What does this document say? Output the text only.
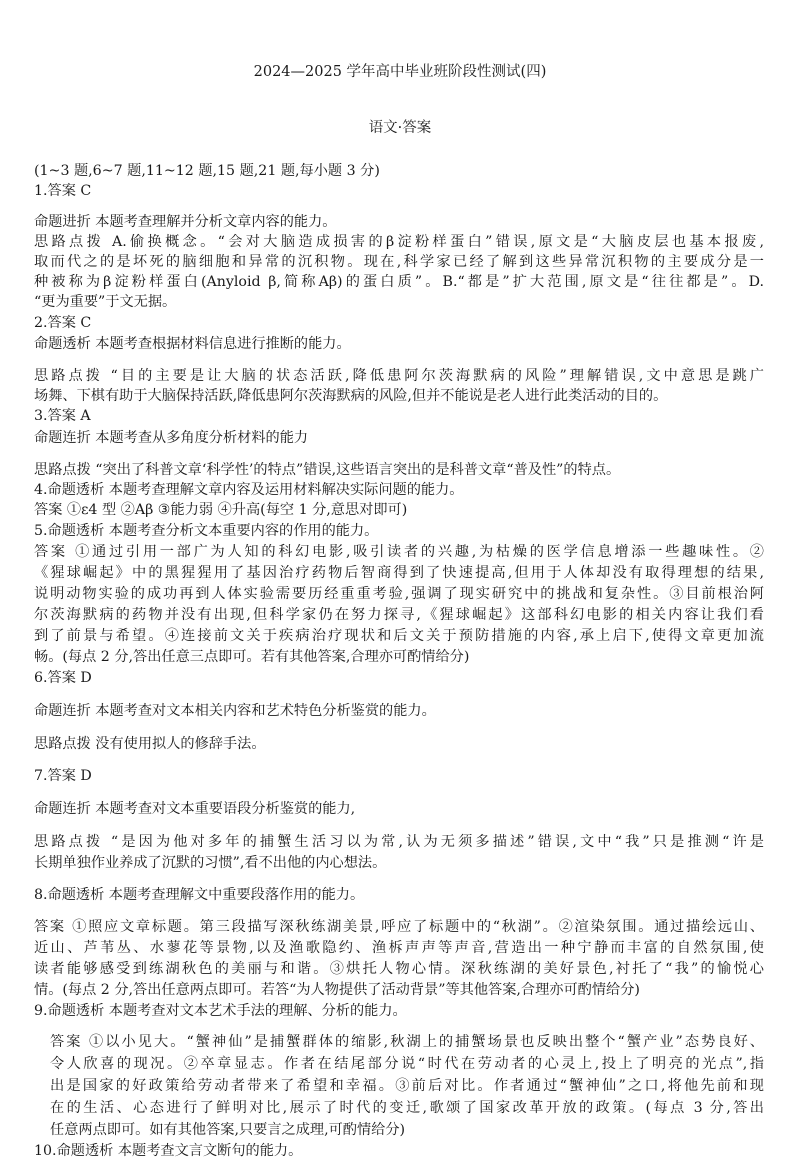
2024—2025 学年高中毕业班阶段性测试(四)
语文·答案
(1~3 题,6~7 题,11~12 题,15 题,21 题,每小题 3 分)
1.答案 C
命题进折 本题考查理解并分析文章内容的能力。
思路点拨 A.偷换概念。“会对大脑造成损害的β淀粉样蛋白”错误,原文是“大脑皮层也基本报废,
取而代之的是坏死的脑细胞和异常的沉积物。现在,科学家已经了解到这些异常沉积物的主要成分是一
种被称为β淀粉样蛋白(Anyloid β,简称Aβ)的蛋白质”。B.“都是”扩大范围,原文是“往往都是”。D.
“更为重要”于文无据。
2.答案 C
命题透析 本题考查根据材料信息进行推断的能力。
思路点拨 “目的主要是让大脑的状态活跃,降低患阿尔茨海默病的风险”理解错误,文中意思是跳广
场舞、下棋有助于大脑保持活跃,降低患阿尔茨海默病的风险,但并不能说是老人进行此类活动的目的。
3.答案 A
命题连折 本题考查从多角度分析材料的能力
思路点拨 “突出了科普文章‘科学性’的特点”错误,这些语言突出的是科普文章“普及性”的特点。
4.命题透析 本题考查理解文章内容及运用材料解决实际问题的能力。
答案 ①ε4 型 ②Aβ ③能力弱 ④升高(每空 1 分,意思对即可)
5.命题透析 本题考查分析文本重要内容的作用的能力。
答案 ①通过引用一部广为人知的科幻电影,吸引读者的兴趣,为枯燥的医学信息增添一些趣味性。②
《猩球崛起》中的黑猩猩用了基因治疗药物后智商得到了快速提高,但用于人体却没有取得理想的结果,
说明动物实验的成功再到人体实验需要历经重重考验,强调了现实研究中的挑战和复杂性。③目前根治阿
尔茨海默病的药物并没有出现,但科学家仍在努力探寻,《猩球崛起》这部科幻电影的相关内容让我们看
到了前景与希望。④连接前文关于疾病治疗现状和后文关于预防措施的内容,承上启下,使得文章更加流
畅。(每点 2 分,答出任意三点即可。若有其他答案,合理亦可酌情给分)
6.答案 D
命题连折 本题考查对文本相关内容和艺术特色分析鉴赏的能力。
思路点拨 没有使用拟人的修辞手法。
7.答案 D
命题连折 本题考查对文本重要语段分析鉴赏的能力,
思路点拨 “是因为他对多年的捕蟹生活习以为常,认为无须多描述”错误,文中“我”只是推测“许是
长期单独作业养成了沉默的习惯”,看不出他的内心想法。
8.命题透析 本题考查理解文中重要段落作用的能力。
答案 ①照应文章标题。第三段描写深秋练湖美景,呼应了标题中的“秋湖”。②渲染氛围。通过描绘远山、
近山、芦苇丛、水蓼花等景物,以及渔歌隐约、渔柝声声等声音,营造出一种宁静而丰富的自然氛围,使
读者能够感受到练湖秋色的美丽与和谐。③烘托人物心情。深秋练湖的美好景色,衬托了“我”的愉悦心
情。(每点 2 分,答出任意两点即可。若答“为人物提供了活动背景”等其他答案,合理亦可酌情给分)
9.命题透析 本题考查对文本艺术手法的理解、分析的能力。
答案 ①以小见大。“蟹神仙”是捕蟹群体的缩影,秋湖上的捕蟹场景也反映出整个“蟹产业”态势良好、
令人欣喜的现况。②卒章显志。作者在结尾部分说“时代在劳动者的心灵上,投上了明亮的光点”,指
出是国家的好政策给劳动者带来了希望和幸福。③前后对比。作者通过“蟹神仙”之口,将他先前和现
在的生活、心态进行了鲜明对比,展示了时代的变迁,歌颂了国家改革开放的政策。(每点 3 分,答出
任意两点即可。如有其他答案,只要言之成理,可酌情给分)
10.命题透析 本题考查文言文断句的能力。
